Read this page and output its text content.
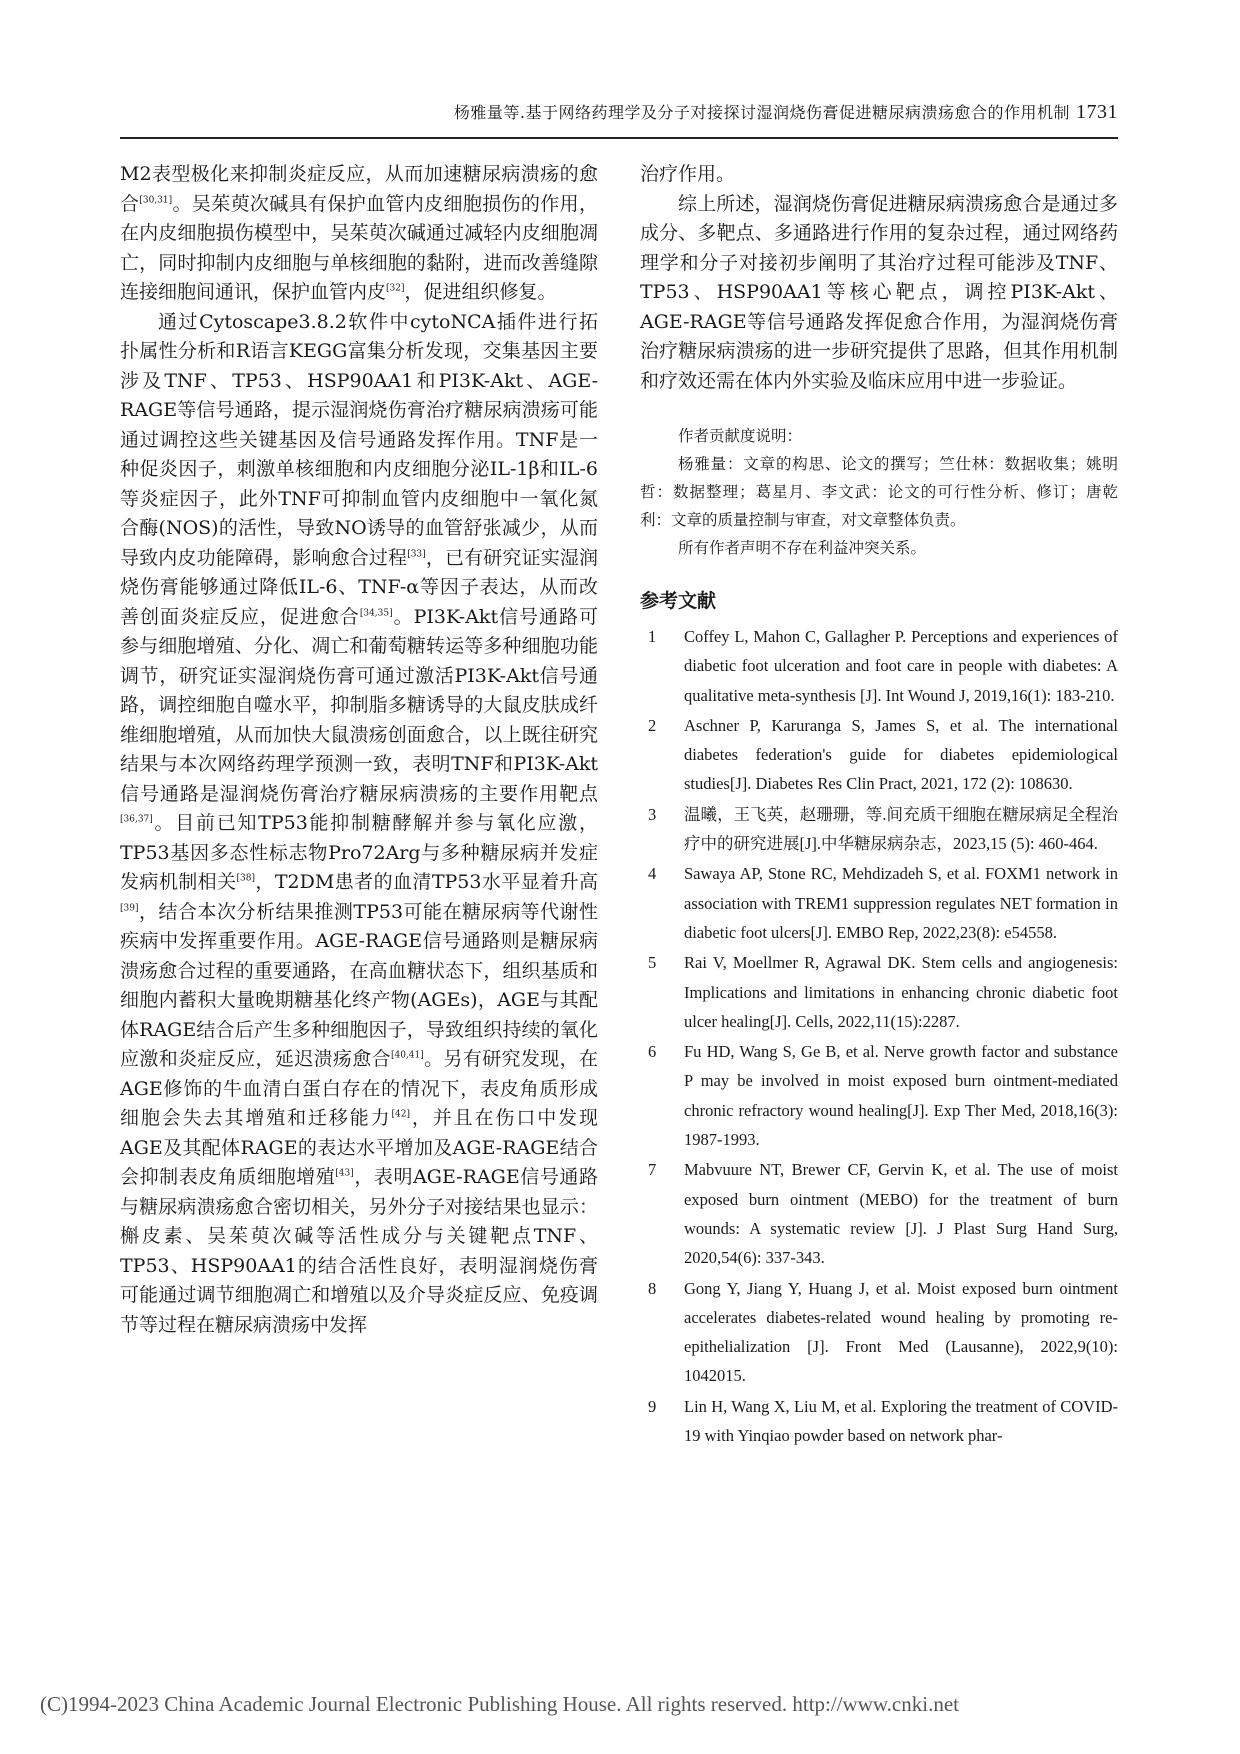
杨雅量等.基于网络药理学及分子对接探讨湿润烧伤膏促进糖尿病溃疡愈合的作用机制 1731

M2表型极化来抑制炎症反应，从而加速糖尿病溃疡的愈合[30,31]。吴茱萸次碱具有保护血管内皮细胞损伤的作用，在内皮细胞损伤模型中，吴茱萸次碱通过减轻内皮细胞凋亡，同时抑制内皮细胞与单核细胞的黏附，进而改善缝隙连接细胞间通讯，保护血管内皮[32]，促进组织修复。

通过Cytoscape3.8.2软件中cytoNCA插件进行拓扑属性分析和R语言KEGG富集分析发现，交集基因主要涉及TNF、TP53、HSP90AA1和PI3K-Akt、AGE-RAGE等信号通路，提示湿润烧伤膏治疗糖尿病溃疡可能通过调控这些关键基因及信号通路发挥作用。TNF是一种促炎因子，刺激单核细胞和内皮细胞分泌IL-1β和IL-6等炎症因子，此外TNF可抑制血管内皮细胞中一氧化氮合酶(NOS)的活性，导致NO诱导的血管舒张减少，从而导致内皮功能障碍，影响愈合过程[33]，已有研究证实湿润烧伤膏能够通过降低IL-6、TNF-α等因子表达，从而改善创面炎症反应，促进愈合[34,35]。PI3K-Akt信号通路可参与细胞增殖、分化、凋亡和葡萄糖转运等多种细胞功能调节，研究证实湿润烧伤膏可通过激活PI3K-Akt信号通路，调控细胞自噬水平，抑制脂多糖诱导的大鼠皮肤成纤维细胞增殖，从而加快大鼠溃疡创面愈合，以上既往研究结果与本次网络药理学预测一致，表明TNF和PI3K-Akt信号通路是湿润烧伤膏治疗糖尿病溃疡的主要作用靶点[36,37]。目前已知TP53能抑制糖酵解并参与氧化应激，TP53基因多态性标志物Pro72Arg与多种糖尿病并发症发病机制相关[38]，T2DM患者的血清TP53水平显着升高[39]，结合本次分析结果推测TP53可能在糖尿病等代谢性疾病中发挥重要作用。AGE-RAGE信号通路则是糖尿病溃疡愈合过程的重要通路，在高血糖状态下，组织基质和细胞内蓄积大量晚期糖基化终产物(AGEs)，AGE与其配体RAGE结合后产生多种细胞因子，导致组织持续的氧化应激和炎症反应，延迟溃疡愈合[40,41]。另有研究发现，在AGE修饰的牛血清白蛋白存在的情况下，表皮角质形成细胞会失去其增殖和迁移能力[42]，并且在伤口中发现AGE及其配体RAGE的表达水平增加及AGE-RAGE结合会抑制表皮角质细胞增殖[43]，表明AGE-RAGE信号通路与糖尿病溃疡愈合密切相关，另外分子对接结果也显示：槲皮素、吴茱萸次碱等活性成分与关键靶点TNF、TP53、HSP90AA1的结合活性良好，表明湿润烧伤膏可能通过调节细胞凋亡和增殖以及介导炎症反应、免疫调节等过程在糖尿病溃疡中发挥

治疗作用。

综上所述，湿润烧伤膏促进糖尿病溃疡愈合是通过多成分、多靶点、多通路进行作用的复杂过程，通过网络药理学和分子对接初步阐明了其治疗过程可能涉及TNF、TP53、HSP90AA1等核心靶点，调控PI3K-Akt、AGE-RAGE等信号通路发挥促愈合作用，为湿润烧伤膏治疗糖尿病溃疡的进一步研究提供了思路，但其作用机制和疗效还需在体内外实验及临床应用中进一步验证。

作者贡献度说明：

杨雅量：文章的构思、论文的撰写；竺仕林：数据收集；姚明哲：数据整理；葛星月、李文武：论文的可行性分析、修订；唐乾利：文章的质量控制与审查，对文章整体负责。

所有作者声明不存在利益冲突关系。

参考文献
1	Coffey L, Mahon C, Gallagher P. Perceptions and experiences of diabetic foot ulceration and foot care in people with diabetes: A qualitative meta-synthesis [J]. Int Wound J, 2019,16(1): 183-210.
2	Aschner P, Karuranga S, James S, et al. The international diabetes federation's guide for diabetes epidemiological studies[J]. Diabetes Res Clin Pract, 2021, 172 (2): 108630.
3	温曦，王飞英，赵珊珊，等.间充质干细胞在糖尿病足全程治疗中的研究进展[J].中华糖尿病杂志，2023,15 (5): 460-464.
4	Sawaya AP, Stone RC, Mehdizadeh S, et al. FOXM1 network in association with TREM1 suppression regulates NET formation in diabetic foot ulcers[J]. EMBO Rep, 2022,23(8): e54558.
5	Rai V, Moellmer R, Agrawal DK. Stem cells and angiogenesis: Implications and limitations in enhancing chronic diabetic foot ulcer healing[J]. Cells, 2022,11(15):2287.
6	Fu HD, Wang S, Ge B, et al. Nerve growth factor and substance P may be involved in moist exposed burn ointment-mediated chronic refractory wound healing[J]. Exp Ther Med, 2018,16(3): 1987-1993.
7	Mabvuure NT, Brewer CF, Gervin K, et al. The use of moist exposed burn ointment (MEBO) for the treatment of burn wounds: A systematic review [J]. J Plast Surg Hand Surg, 2020,54(6): 337-343.
8	Gong Y, Jiang Y, Huang J, et al. Moist exposed burn ointment accelerates diabetes-related wound healing by promoting re-epithelialization [J]. Front Med (Lausanne), 2022,9(10): 1042015.
9	Lin H, Wang X, Liu M, et al. Exploring the treatment of COVID-19 with Yinqiao powder based on network phar-
(C)1994-2023 China Academic Journal Electronic Publishing House. All rights reserved. http://www.cnki.net
